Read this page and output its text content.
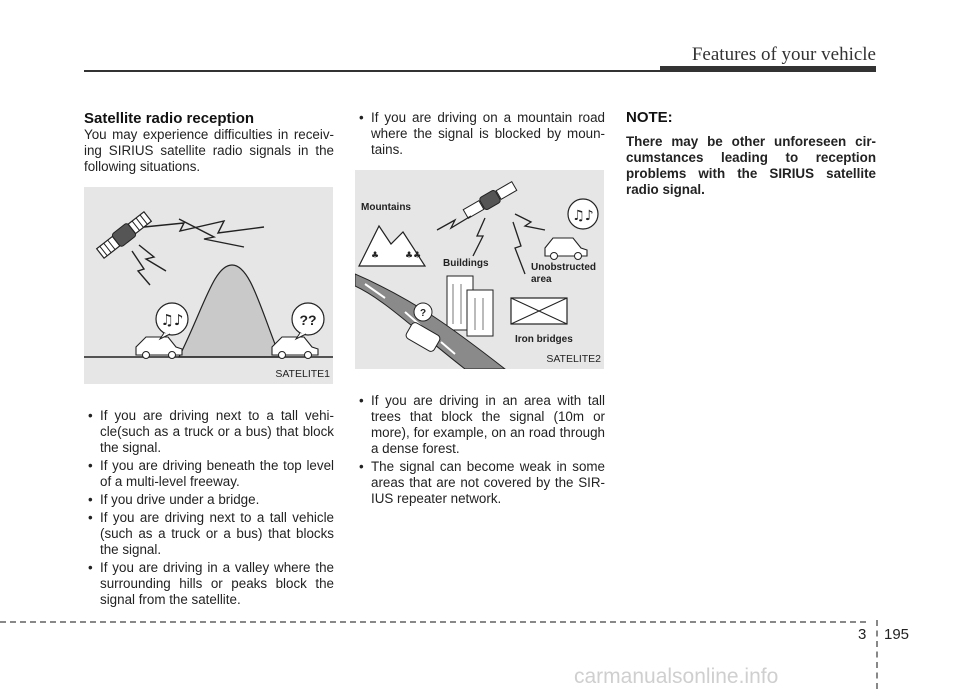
Features of your vehicle
Satellite radio reception

You may experience difficulties in receiv-ing SIRIUS satellite radio signals in the following situations.

♫♪	??
SATELITE1
• If you are driving next to a tall vehi-cle(such as a truck or a bus) that block the signal.
• If you are driving beneath the top level of a multi-level freeway.
• If you drive under a bridge.
• If you are driving next to a tall vehicle (such as a truck or a bus) that blocks the signal.
• If you are driving in a valley where the surrounding hills or peaks block the signal from the satellite.
• If you are driving on a mountain road where the signal is blocked by moun-tains.
♣	♣♣
Mountains
♫♪
Unobstructed
area
Buildings
Iron bridges
?
SATELITE2
• If you are driving in an area with tall trees that block the signal (10m or more), for example, on an road through a dense forest.
• The signal can become weak in some areas that are not covered by the SIR-IUS repeater network.
NOTE:

There may be other unforeseen cir-cumstances leading to reception problems with the SIRIUS satellite radio signal.

3 195
carmanualsonline.info
